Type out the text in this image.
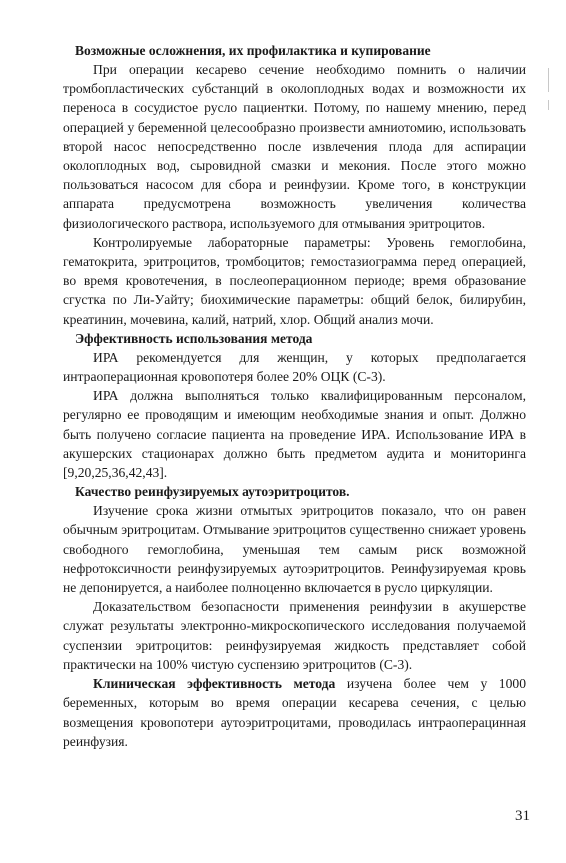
Возможные осложнения, их профилактика и купирование

При операции кесарево сечение необходимо помнить о наличии тромбопластических субстанций в околоплодных водах и возможности их переноса в сосудистое русло пациентки. Потому, по нашему мнению, перед операцией у беременной целесообразно произвести амниотомию, использовать второй насос непосредственно после извлечения плода для аспирации околоплодных вод, сыровидной смазки и мекония. После этого можно пользоваться насосом для сбора и реинфузии. Кроме того, в конструкции аппарата предусмотрена возможность увеличения количества физиологического раствора, используемого для отмывания эритроцитов.

Контролируемые лабораторные параметры: Уровень гемоглобина, гематокрита, эритроцитов, тромбоцитов; гемостазиограмма перед операцией, во время кровотечения, в послеоперационном периоде; время образование сгустка по Ли-Уайту; биохимические параметры: общий белок, билирубин, креатинин, мочевина, калий, натрий, хлор. Общий анализ мочи.

Эффективность использования метода

ИРА рекомендуется для женщин, у которых предполагается интраоперационная кровопотеря более 20% ОЦК (С-3).

ИРА должна выполняться только квалифицированным персоналом, регулярно ее проводящим и имеющим необходимые знания и опыт. Должно быть получено согласие пациента на проведение ИРА. Использование ИРА в акушерских стационарах должно быть предметом аудита и мониторинга [9,20,25,36,42,43].

Качество реинфузируемых аутоэритроцитов.

Изучение срока жизни отмытых эритроцитов показало, что он равен обычным эритроцитам. Отмывание эритроцитов существенно снижает уровень свободного гемоглобина, уменьшая тем самым риск возможной нефротоксичности реинфузируемых аутоэритроцитов. Реинфузируемая кровь не депонируется, а наиболее полноценно включается в русло циркуляции.

Доказательством безопасности применения реинфузии в акушерстве служат результаты электронно-микроскопического исследования получаемой суспензии эритроцитов: реинфузируемая жидкость представляет собой практически на 100% чистую суспензию эритроцитов (С-3).

Клиническая эффективность метода изучена более чем у 1000 беременных, которым во время операции кесарева сечения, с целью возмещения кровопотери аутоэритроцитами, проводилась интраоперацинная реинфузия.

31
